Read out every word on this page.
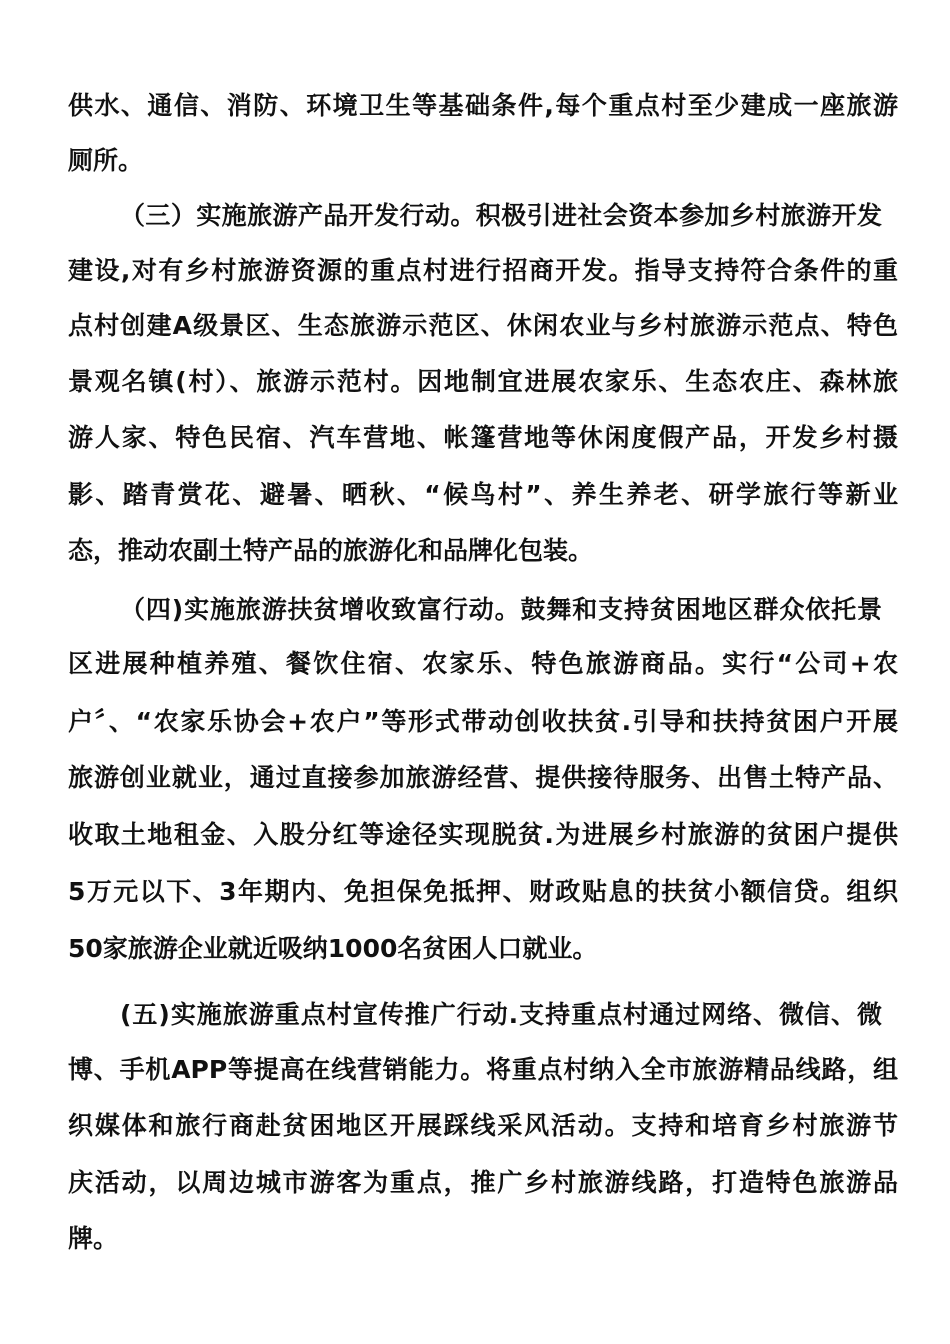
供水、通信、消防、环境卫生等基础条件,每个重点村至少建成一座旅游
厕所。
（三）实施旅游产品开发行动。积极引进社会资本参加乡村旅游开发
建设,对有乡村旅游资源的重点村进行招商开发。指导支持符合条件的重
点村创建A级景区、生态旅游示范区、休闲农业与乡村旅游示范点、特色
景观名镇(村）、旅游示范村。因地制宜进展农家乐、生态农庄、森林旅
游人家、特色民宿、汽车营地、帐篷营地等休闲度假产品，开发乡村摄
影、踏青赏花、避暑、晒秋、“候鸟村”、养生养老、研学旅行等新业
态，推动农副土特产品的旅游化和品牌化包装。
（四)实施旅游扶贫增收致富行动。鼓舞和支持贫困地区群众依托景
区进展种植养殖、餐饮住宿、农家乐、特色旅游商品。实行“公司+农
户〞、“农家乐协会+农户”等形式带动创收扶贫.引导和扶持贫困户开展
旅游创业就业，通过直接参加旅游经营、提供接待服务、出售土特产品、
收取土地租金、入股分红等途径实现脱贫.为进展乡村旅游的贫困户提供
5万元以下、3年期内、免担保免抵押、财政贴息的扶贫小额信贷。组织
50家旅游企业就近吸纳1000名贫困人口就业。
(五)实施旅游重点村宣传推广行动.支持重点村通过网络、微信、微
博、手机APP等提高在线营销能力。将重点村纳入全市旅游精品线路，组
织媒体和旅行商赴贫困地区开展踩线采风活动。支持和培育乡村旅游节
庆活动，以周边城市游客为重点，推广乡村旅游线路，打造特色旅游品
牌。
